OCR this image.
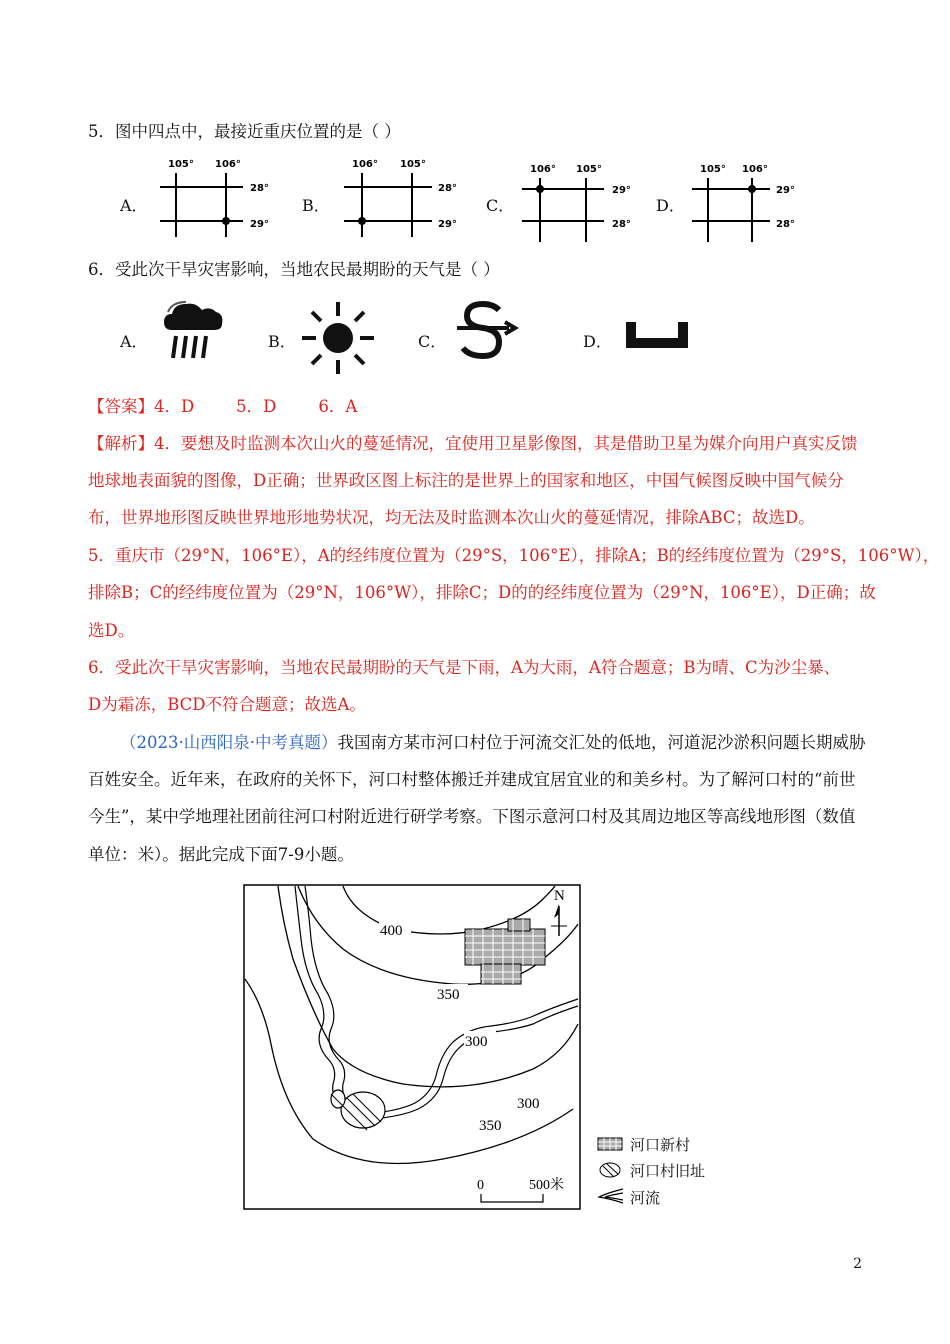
5．图中四点中，最接近重庆位置的是（ ）
A．
105° 106°
28°
29°
B．
106° 105°
28°
29°
C．
106° 105°
29°
28°
D．
105° 106°
29°
28°
6．受此次干旱灾害影响，当地农民最期盼的天气是（ ）
A．	B．	C．	D．
【答案】4．D        5．D        6．A
【解析】4．要想及时监测本次山火的蔓延情况，宜使用卫星影像图，其是借助卫星为媒介向用户真实反馈
地球地表面貌的图像，D正确；世界政区图上标注的是世界上的国家和地区，中国气候图反映中国气候分
布，世界地形图反映世界地形地势状况，均无法及时监测本次山火的蔓延情况，排除ABC；故选D。
5．重庆市（29°N，106°E），A的经纬度位置为（29°S，106°E），排除A；B的经纬度位置为（29°S，106°W），
排除B；C的经纬度位置为（29°N，106°W），排除C；D的的经纬度位置为（29°N，106°E），D正确；故
选D。
6．受此次干旱灾害影响，当地农民最期盼的天气是下雨，A为大雨，A符合题意；B为晴、C为沙尘暴、
D为霜冻，BCD不符合题意；故选A。
（2023·山西阳泉·中考真题）我国南方某市河口村位于河流交汇处的低地，河道泥沙淤积问题长期威胁
百姓安全。近年来，在政府的关怀下，河口村整体搬迁并建成宜居宜业的和美乡村。为了解河口村的“前世
今生”，某中学地理社团前往河口村附近进行研学考察。下图示意河口村及其周边地区等高线地形图（数值
单位：米）。据此完成下面7-9小题。
N
400
350
300
300
350
0	500米
河口新村
河口村旧址
河流
2
